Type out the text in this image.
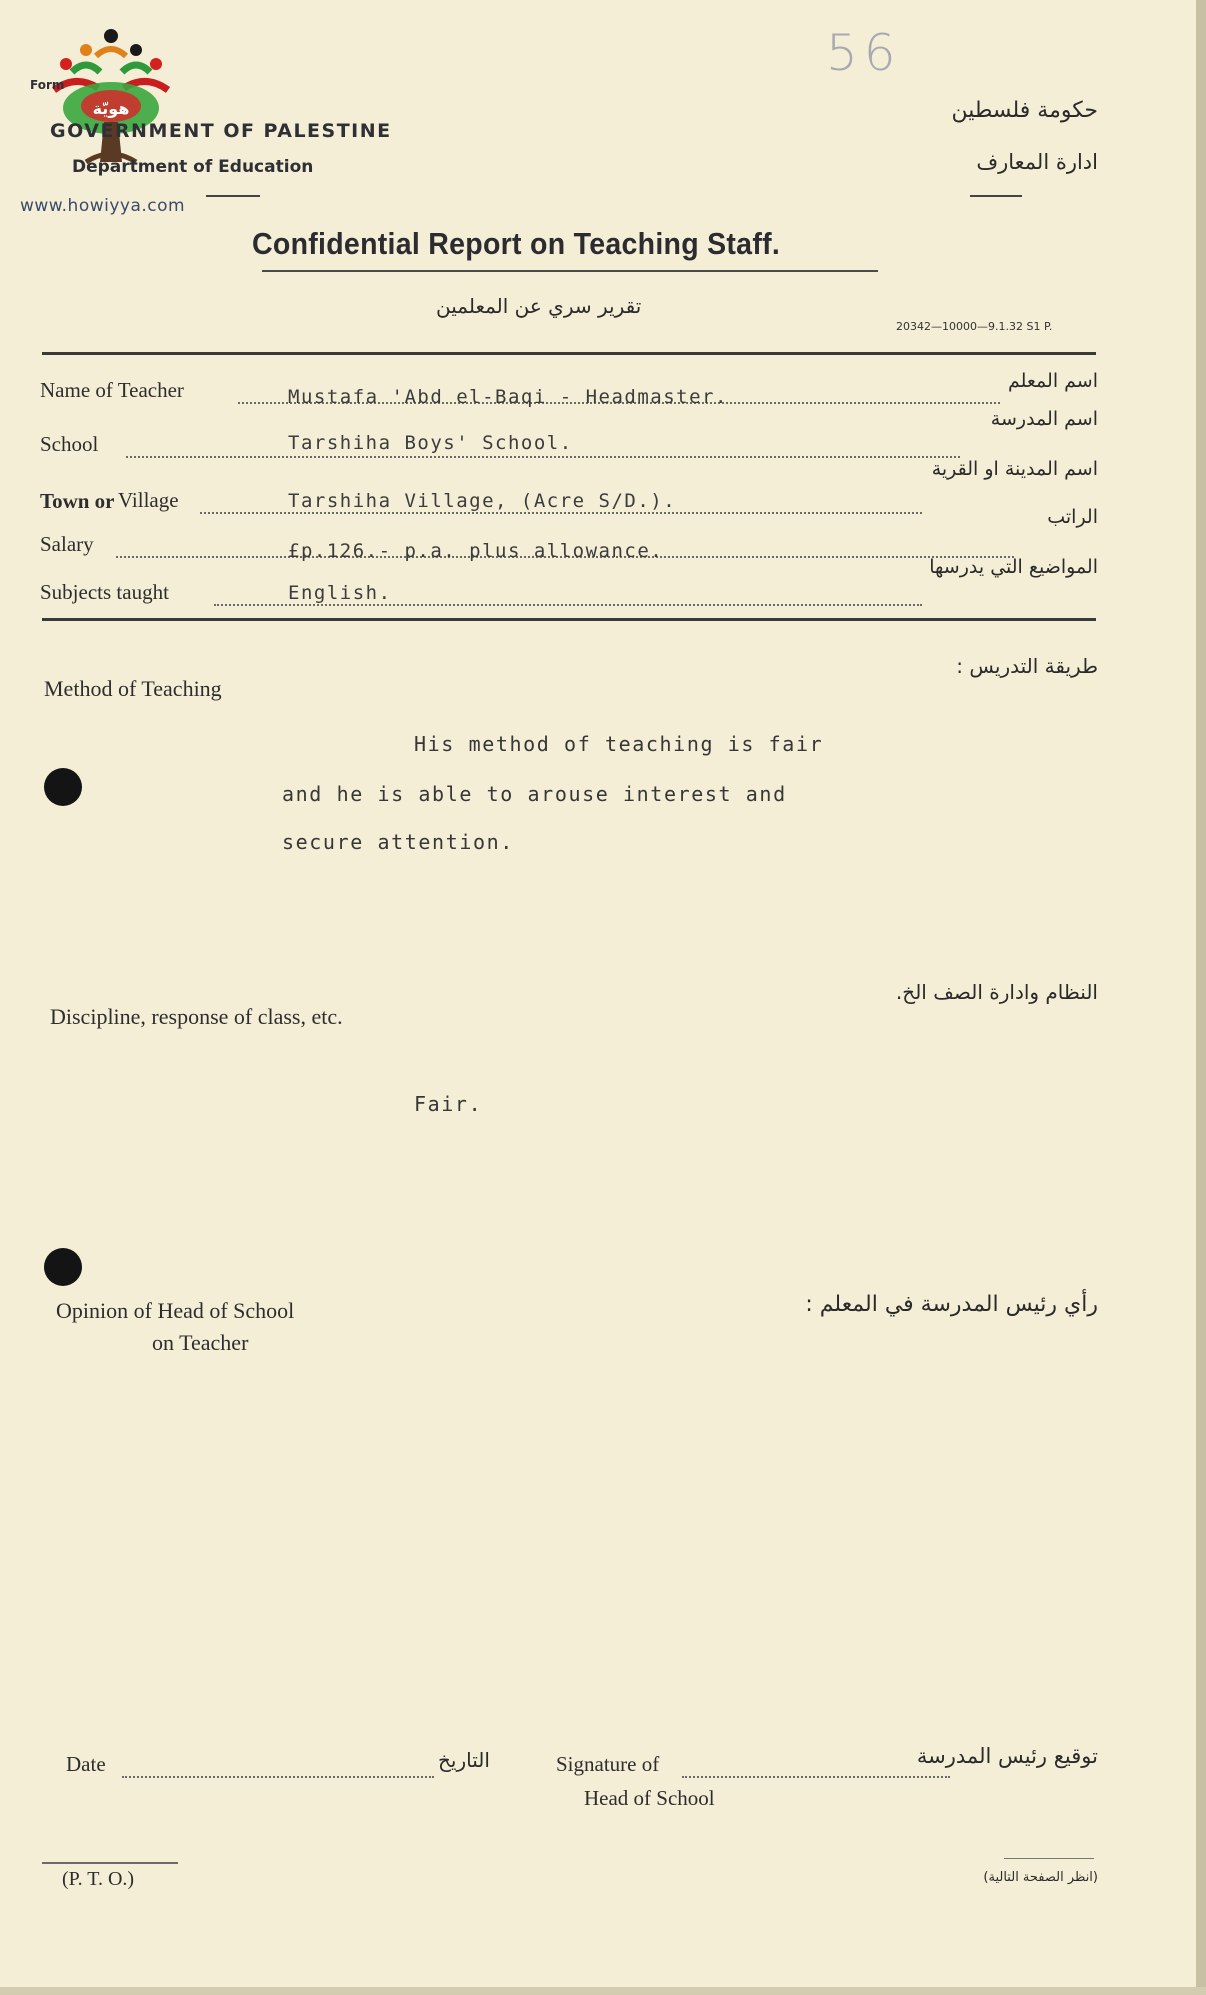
هويّة
www.howiyya.com
Form
GOVERNMENT OF PALESTINE
Department of Education
56
حكومة فلسطين
ادارة المعارف
Confidential Report on Teaching Staff.
تقرير سري عن المعلمين
20342—10000—9.1.32 S1 P.
Name of Teacher	Mustafa 'Abd el-Baqi - Headmaster.
اسم المعلم
School	Tarshiha Boys' School.
اسم المدرسة
Town or Village	Tarshiha Village, (Acre S/D.).
اسم المدينة او القرية
Salary	£p.126.- p.a. plus allowance.
الراتب
Subjects taught	English.
المواضيع التي يدرسها
Method of Teaching
طريقة التدريس :
His method of teaching is fair
and he is able to arouse interest and
secure attention.
Discipline, response of class, etc.
النظام وادارة الصف الخ.
Fair.
Opinion of Head of School
on Teacher
رأي رئيس المدرسة في المعلم :
Date	التاريخ	Signature of
Head of School
توقيع رئيس المدرسة
(P. T. O.)	(انظر الصفحة التالية)
